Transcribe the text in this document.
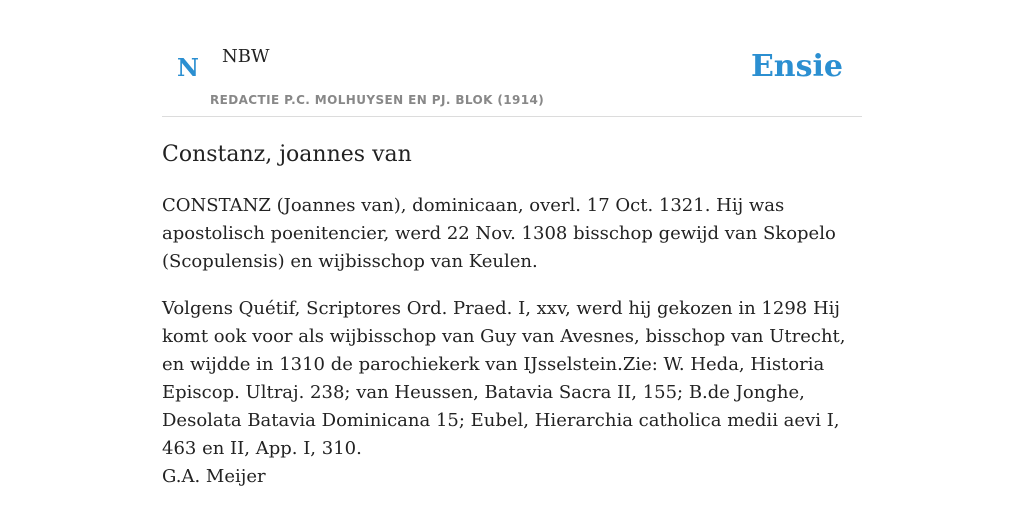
N NBW
REDACTIE P.C. MOLHUYSEN EN PJ. BLOK (1914)
Ensie
Constanz, joannes van

CONSTANZ (Joannes van), dominicaan, overl. 17 Oct. 1321. Hij was apostolisch poenitencier, werd 22 Nov. 1308 bisschop gewijd van Skopelo (Scopulensis) en wijbisschop van Keulen.

Volgens Quétif, Scriptores Ord. Praed. I, xxv, werd hij gekozen in 1298 Hij komt ook voor als wijbisschop van Guy van Avesnes, bisschop van Utrecht, en wijdde in 1310 de parochiekerk van IJsselstein.Zie: W. Heda, Historia Episcop. Ultraj. 238; van Heussen, Batavia Sacra II, 155; B.de Jonghe, Desolata Batavia Dominicana 15; Eubel, Hierarchia catholica medii aevi I, 463 en II, App. I, 310.

G.A. Meijer
